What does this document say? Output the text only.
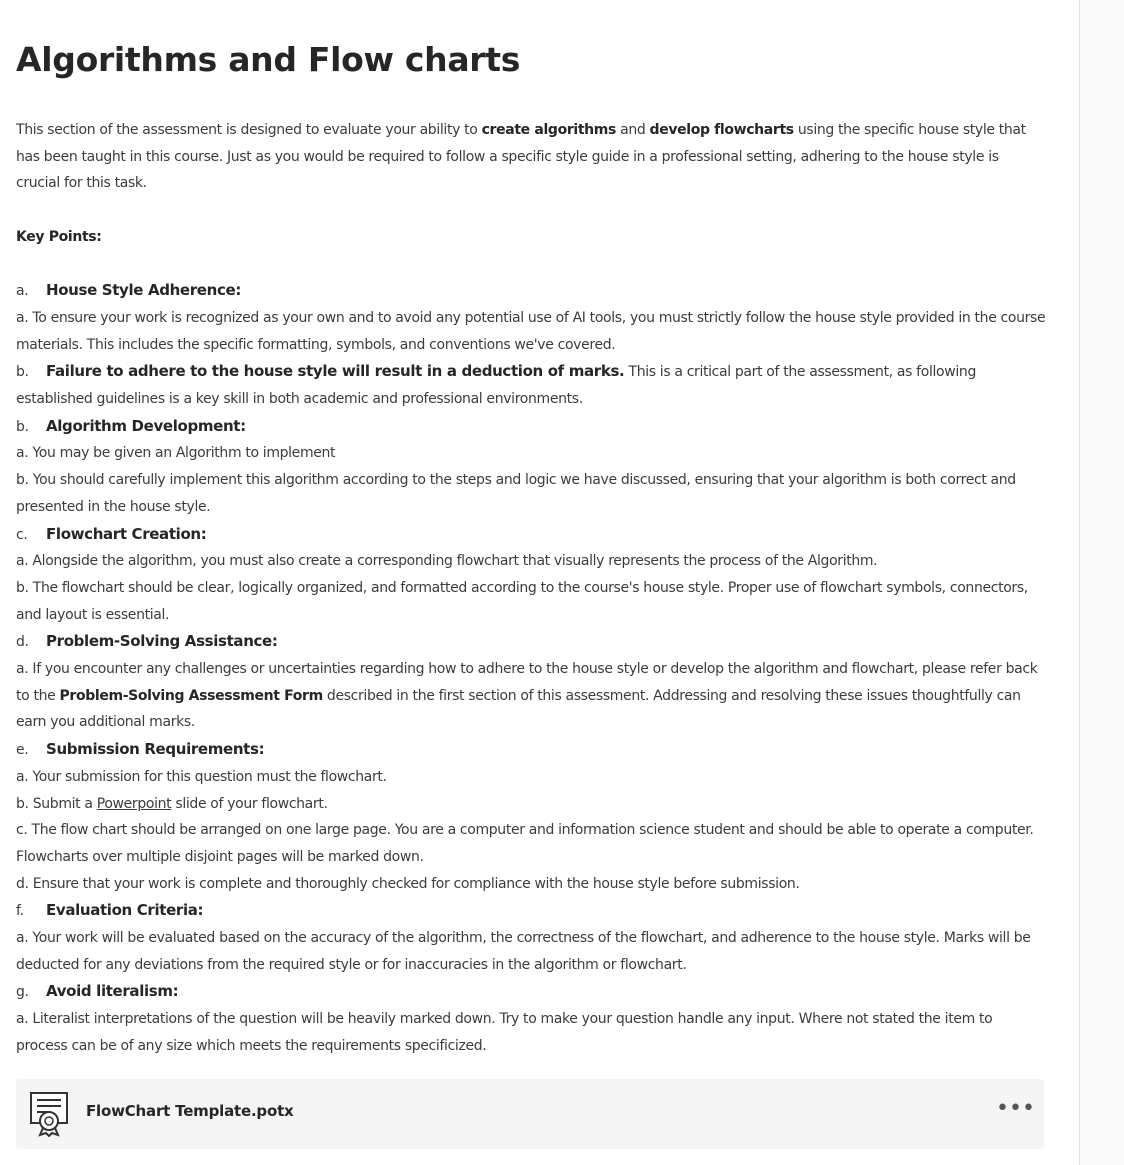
Algorithms and Flow charts

This section of the assessment is designed to evaluate your ability to create algorithms and develop flowcharts using the specific house style that has been taught in this course. Just as you would be required to follow a specific style guide in a professional setting, adhering to the house style is crucial for this task.

Key Points:

a. House Style Adherence:

a. To ensure your work is recognized as your own and to avoid any potential use of AI tools, you must strictly follow the house style provided in the course materials. This includes the specific formatting, symbols, and conventions we've covered.

b. Failure to adhere to the house style will result in a deduction of marks. This is a critical part of the assessment, as following established guidelines is a key skill in both academic and professional environments.

b. Algorithm Development:

a. You may be given an Algorithm to implement

b. You should carefully implement this algorithm according to the steps and logic we have discussed, ensuring that your algorithm is both correct and presented in the house style.

c. Flowchart Creation:

a. Alongside the algorithm, you must also create a corresponding flowchart that visually represents the process of the Algorithm.

b. The flowchart should be clear, logically organized, and formatted according to the course's house style. Proper use of flowchart symbols, connectors, and layout is essential.

d. Problem-Solving Assistance:

a. If you encounter any challenges or uncertainties regarding how to adhere to the house style or develop the algorithm and flowchart, please refer back to the Problem-Solving Assessment Form described in the first section of this assessment. Addressing and resolving these issues thoughtfully can earn you additional marks.

e. Submission Requirements:

a. Your submission for this question must the flowchart.

b. Submit a Powerpoint slide of your flowchart.

c. The flow chart should be arranged on one large page. You are a computer and information science student and should be able to operate a computer. Flowcharts over multiple disjoint pages will be marked down.

d. Ensure that your work is complete and thoroughly checked for compliance with the house style before submission.

f. Evaluation Criteria:

a. Your work will be evaluated based on the accuracy of the algorithm, the correctness of the flowchart, and adherence to the house style. Marks will be deducted for any deviations from the required style or for inaccuracies in the algorithm or flowchart.

g. Avoid literalism:

a. Literalist interpretations of the question will be heavily marked down. Try to make your question handle any input. Where not stated the item to process can be of any size which meets the requirements specificized.

FlowChart Template.potx	•••
